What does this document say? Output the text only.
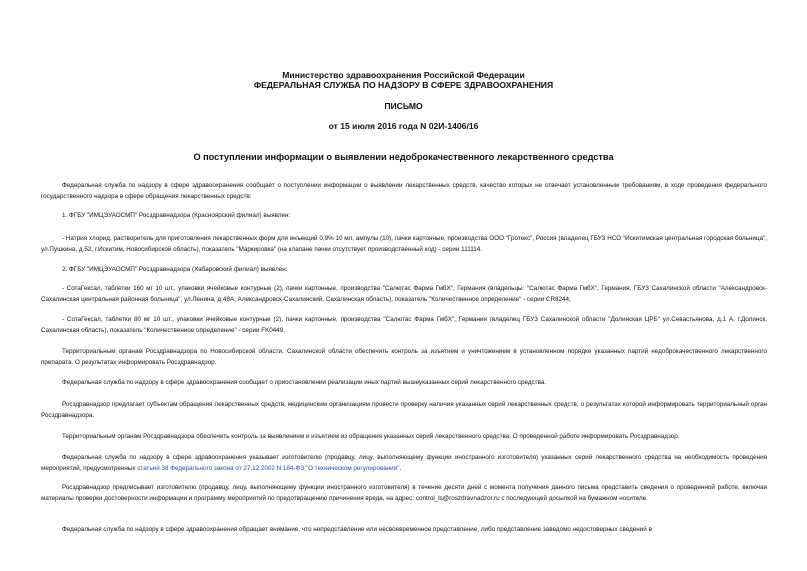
Министерство здравоохранения Российской Федерации
ФЕДЕРАЛЬНАЯ СЛУЖБА ПО НАДЗОРУ В СФЕРЕ ЗДРАВООХРАНЕНИЯ
ПИСЬМО
от 15 июля 2016 года N 02И-1406/16
О поступлении информации о выявлении недоброкачественного лекарственного средства
Федеральная служба по надзору в сфере здравоохранения сообщает о поступлении информации о выявлении лекарственных средств, качество которых не отвечает установленным требованиям, в ходе проведения федерального государственного надзора в сфере обращения лекарственных средств:
1. ФГБУ "ИМЦЭУАОСМП" Росздравнадзора (Красноярский филиал) выявлен:
- Натрия хлорид, растворитель для приготовления лекарственных форм для инъекций 0,9% 10 мл, ампулы (10), пачки картонные, производства ООО "Гротекс", Россия (владелец ГБУЗ НСО "Искитимская центральная городская больница", ул.Пушкина, д.52, г.Искитим, Новосибирской область), показатель "Маркировка" (на клапане пачки отсутствует производственный код) - серии 111114.
2. ФГБУ "ИМЦЭУАОСМП" Росздравнадзора (Хабаровский филиал) выявлен:
- СотаГексал, таблетки 160 мг 10 шт., упаковки ячейковые контурные (2), пачки картонные, производства "Салютас Фарма ГмбХ", Германия (владельцы: "Салютас Фарма ГмбХ", Германия, ГБУЗ Сахалинской области "Александровск-Сахалинская центральная районная больница", ул.Ленина, д.48А, Александровск-Сахалинский, Сахалинская область), показатель "Количественное определение" - серии CR8244;
- СотаГексал, таблетки 80 мг 10 шт., упаковки ячейковые контурные (2), пачки картонные, производства "Салютас Фарма ГмбХ", Германия (владелец ГБУЗ Сахалинской области "Долинская ЦРБ" ул.Севастьянова, д.1 А, г.Долинск, Сахалинская область), показатель "Количественное определение" - серии FK0449.
Территориальным органам Росздравнадзора по Новосибирской области, Сахалинской области обеспечить контроль за изъятием и уничтожением в установленном порядке указанных партий недоброкачественного лекарственного препарата. О результатах информировать Росздравнадзор.
Федеральная служба по надзору в сфере здравоохранения сообщает о приостановлении реализации иных партий вышеуказанных серий лекарственного средства.
Росздравнадзор предлагает субъектам обращения лекарственных средств, медицинским организациям провести проверку наличия указанных серий лекарственных средств, о результатах которой информировать территориальный орган Росздравнадзора.
Территориальным органам Росздравнадзора обеспечить контроль за выявлением и изъятием из обращения указанных серий лекарственного средства. О проведенной работе информировать Росздравнадзор.
Федеральная служба по надзору в сфере здравоохранения указывает изготовителю (продавцу, лицу, выполняющему функции иностранного изготовителя) указанных серий лекарственного средства на необходимость проведения мероприятий, предусмотренных статьей 38 Федерального закона от 27.12.2002 N 184-ФЗ "О техническом регулировании".
Росздравнадзор предписывает изготовителю (продавцу, лицу, выполняющему функции иностранного изготовителя) в течение десяти дней с момента получения данного письма представить сведения о проведенной работе, включая материалы проверки достоверности информации и программу мероприятий по предотвращению причинения вреда, на адрес: control_ls@roszdravnadzor.ru с последующей досылкой на бумажном носителе.
Федеральная служба по надзору в сфере здравоохранения обращает внимание, что непредставление или несвоевременное представление, либо представление заведомо недостоверных сведений в
